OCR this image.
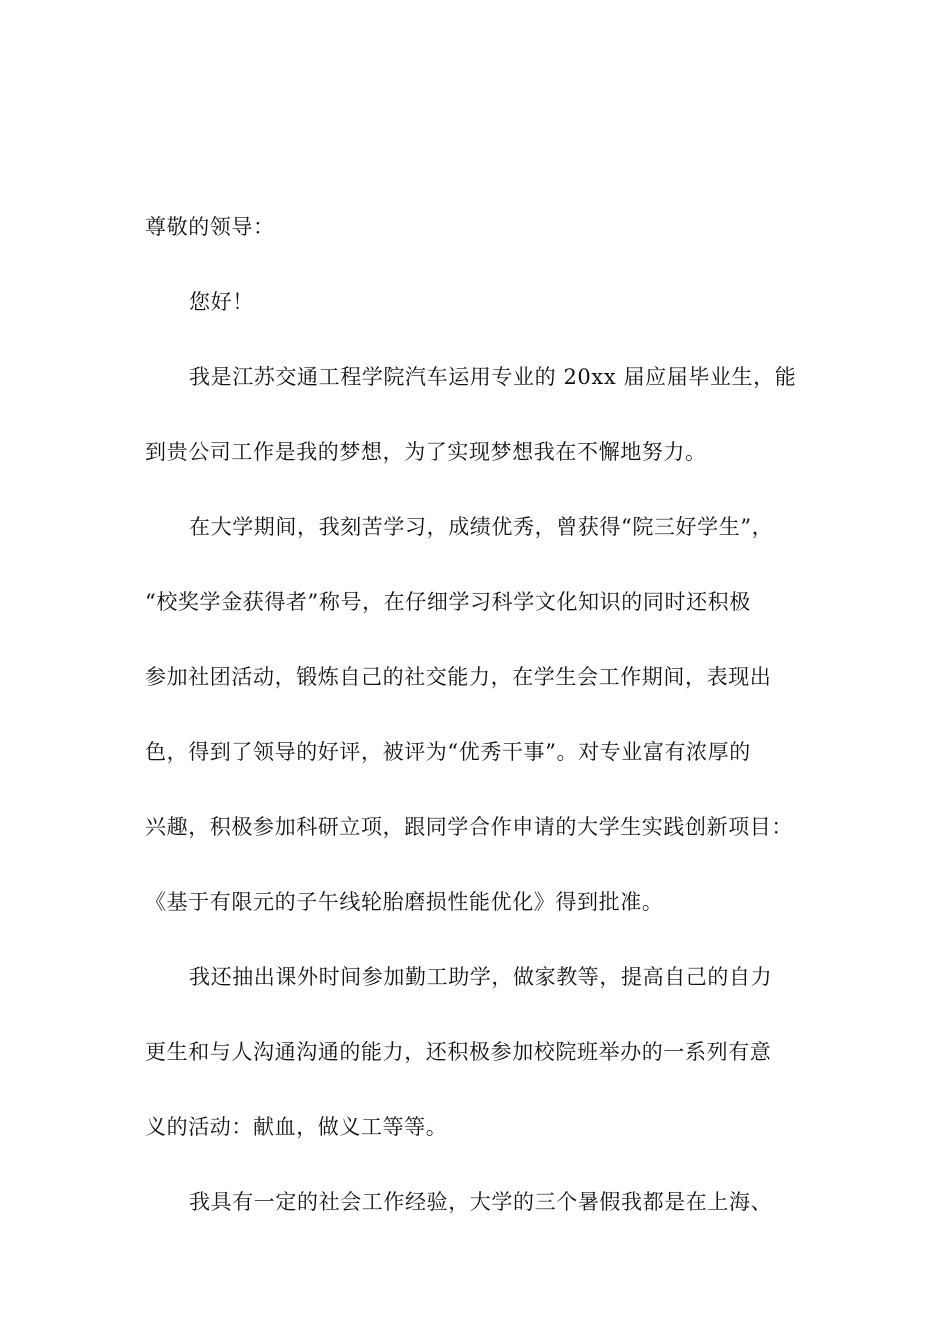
尊敬的领导：
您好！
我是江苏交通工程学院汽车运用专业的 20xx 届应届毕业生，能
到贵公司工作是我的梦想，为了实现梦想我在不懈地努力。
在大学期间，我刻苦学习，成绩优秀，曾获得“院三好学生”，
“校奖学金获得者”称号，在仔细学习科学文化知识的同时还积极
参加社团活动，锻炼自己的社交能力，在学生会工作期间，表现出
色，得到了领导的好评，被评为“优秀干事”。对专业富有浓厚的
兴趣，积极参加科研立项，跟同学合作申请的大学生实践创新项目：
《基于有限元的子午线轮胎磨损性能优化》得到批准。
我还抽出课外时间参加勤工助学，做家教等，提高自己的自力
更生和与人沟通沟通的能力，还积极参加校院班举办的一系列有意
义的活动：献血，做义工等等。
我具有一定的社会工作经验，大学的三个暑假我都是在上海、
